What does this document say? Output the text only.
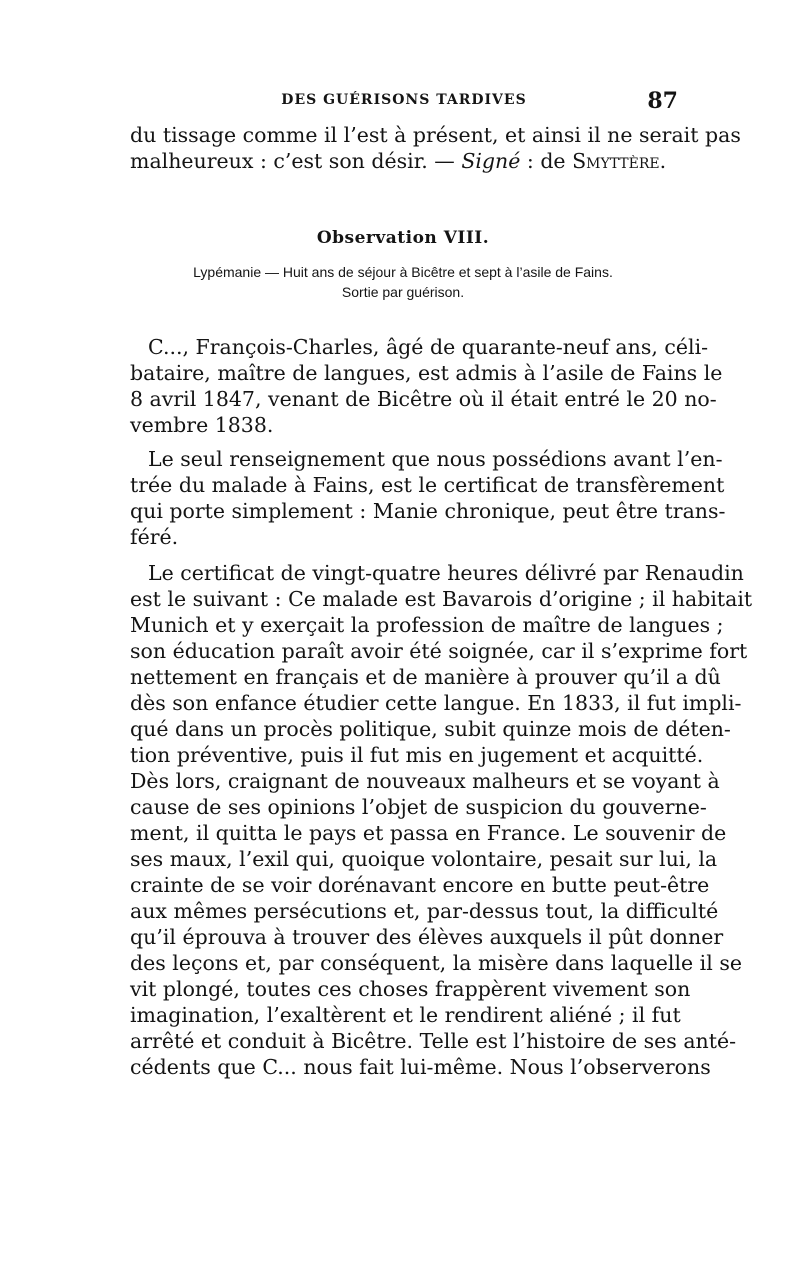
DES GUÉRISONS TARDIVES	87
du tissage comme il l’est à présent, et ainsi il ne serait pas
malheureux : c’est son désir. — Signé : de Smyttère.
Observation VIII.
Lypémanie — Huit ans de séjour à Bicêtre et sept à l’asile de Fains.
Sortie par guérison.
C..., François-Charles, âgé de quarante-neuf ans, céli-
bataire, maître de langues, est admis à l’asile de Fains le
8 avril 1847, venant de Bicêtre où il était entré le 20 no-
vembre 1838.
Le seul renseignement que nous possédions avant l’en-
trée du malade à Fains, est le certificat de transfèrement
qui porte simplement : Manie chronique, peut être trans-
féré.
Le certificat de vingt-quatre heures délivré par Renaudin
est le suivant : Ce malade est Bavarois d’origine ; il habitait
Munich et y exerçait la profession de maître de langues ;
son éducation paraît avoir été soignée, car il s’exprime fort
nettement en français et de manière à prouver qu’il a dû
dès son enfance étudier cette langue. En 1833, il fut impli-
qué dans un procès politique, subit quinze mois de déten-
tion préventive, puis il fut mis en jugement et acquitté.
Dès lors, craignant de nouveaux malheurs et se voyant à
cause de ses opinions l’objet de suspicion du gouverne-
ment, il quitta le pays et passa en France. Le souvenir de
ses maux, l’exil qui, quoique volontaire, pesait sur lui, la
crainte de se voir dorénavant encore en butte peut-être
aux mêmes persécutions et, par-dessus tout, la difficulté
qu’il éprouva à trouver des élèves auxquels il pût donner
des leçons et, par conséquent, la misère dans laquelle il se
vit plongé, toutes ces choses frappèrent vivement son
imagination, l’exaltèrent et le rendirent aliéné ; il fut
arrêté et conduit à Bicêtre. Telle est l’histoire de ses anté-
cédents que C... nous fait lui-même. Nous l’observerons
